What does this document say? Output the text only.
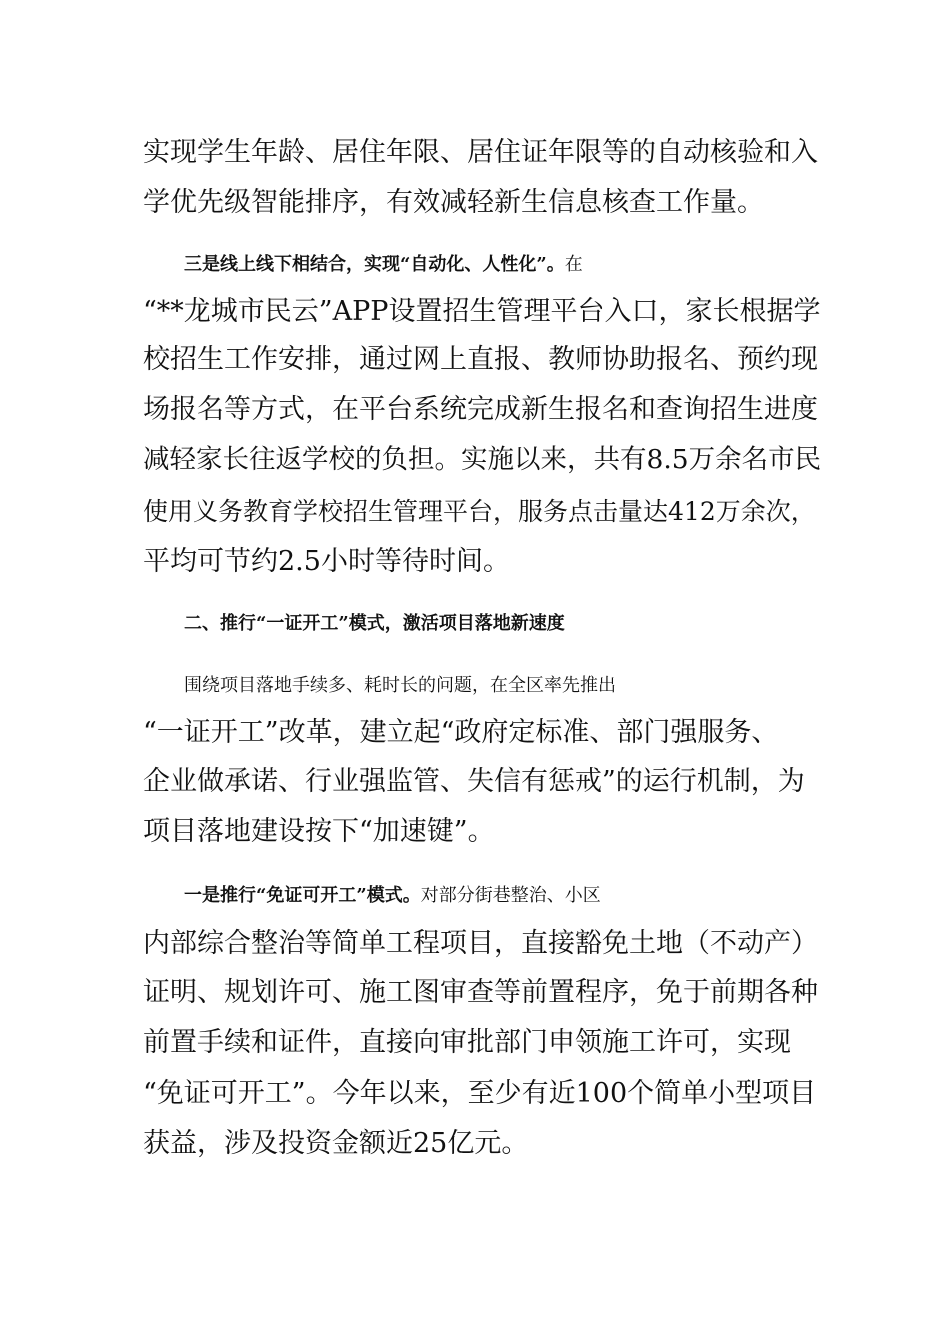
实现学生年龄、居住年限、居住证年限等的自动核验和入

学优先级智能排序，有效减轻新生信息核查工作量。

三是线上线下相结合，实现“自动化、人性化”。在

“**龙城市民云”APP设置招生管理平台入口，家长根据学

校招生工作安排，通过网上直报、教师协助报名、预约现

场报名等方式，在平台系统完成新生报名和查询招生进度

减轻家长往返学校的负担。实施以来，共有8.5万余名市民

使用义务教育学校招生管理平台，服务点击量达412万余次，

平均可节约2.5小时等待时间。

二、推行“一证开工”模式，激活项目落地新速度

围绕项目落地手续多、耗时长的问题，在全区率先推出

“一证开工”改革，建立起“政府定标准、部门强服务、

企业做承诺、行业强监管、失信有惩戒”的运行机制，为

项目落地建设按下“加速键”。

一是推行“免证可开工”模式。对部分街巷整治、小区

内部综合整治等简单工程项目，直接豁免土地（不动产）

证明、规划许可、施工图审查等前置程序，免于前期各种

前置手续和证件，直接向审批部门申领施工许可，实现

“免证可开工”。今年以来，至少有近100个简单小型项目

获益，涉及投资金额近25亿元。
